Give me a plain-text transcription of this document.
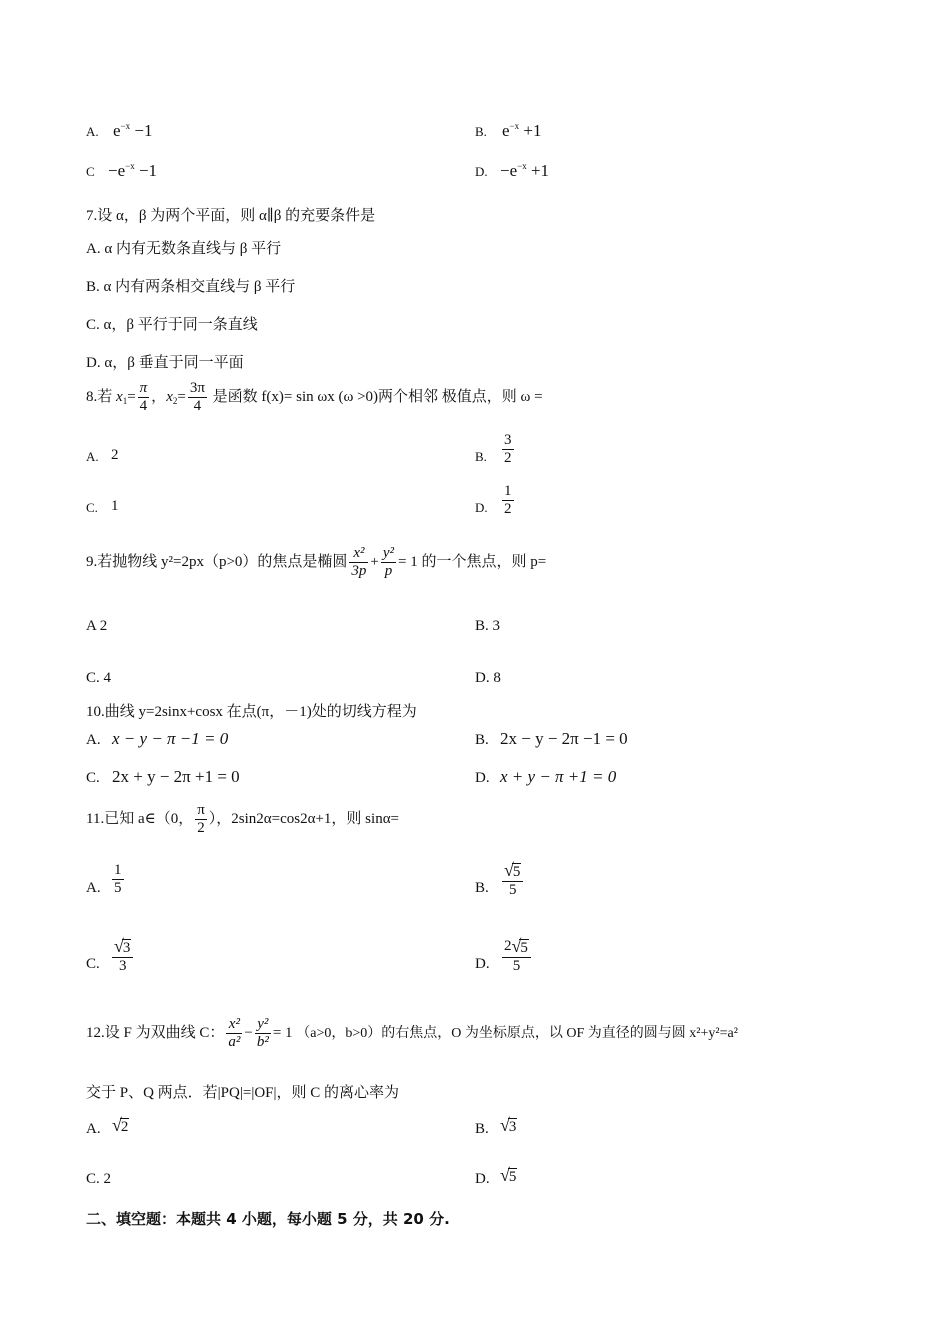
A. $e^{-x} -1$	B. $e^{-x} +1$
$C -e^{-x} -1$	D. $-e^{-x} +1$
7.设 α，β 为两个平面，则 α∥β 的充要条件是
A. α 内有无数条直线与 β 平行
B. α 内有两条相交直线与 β 平行
C. α，β 平行于同一条直线
D. α，β 垂直于同一平面
8.若 $x_1= \frac{\pi}{4}$ ，$x_2= \frac{3\pi}{4}$ 是函数 f(x)= sin ωx (ω >0)两个相邻 极值点，则 ω =
A. 2	B. $\frac{3}{2}$
C. 1	D. $\frac{1}{2}$
9.若抛物线 y²=2px（p>0）的焦点是椭圆 $\frac{\text{x²}}{3p} + \frac{\text{y²}}{p} = 1$ 的一个焦点，则 p=
A 2	B. 3
C. 4	D. 8
10.曲线 y=2sinx+cosx 在点(π，－1)处的切线方程为
A. x − y − π −1 = 0	B. 2x − y − 2π −1 = 0
C. 2x + y − 2π +1 = 0	D. x + y − π +1 = 0
11.已知 a∈（0， $\frac{\pi}{2}$ ），2sin2α=cos2α+1，则 sinα=
A. $\frac{1}{5}$	B. $\frac{√5}{5}$
C. $\frac{√3}{3}$	D. $\frac{2√5}{5}$
12.设 F 为双曲线 C： $\frac{\text{x²}}{\text{a²}} - \frac{\text{y²}}{\text{b²}} = 1$ （a>0，b>0）的右焦点，O 为坐标原点，以 OF 为直径的圆与圆 x²+y²=a²
交于 P、Q 两点．若|PQ|=|OF|，则 C 的离心率为
A. √2	B. √3
C. 2	D. √5
二、填空题：本题共 4 小题，每小题 5 分，共 20 分.
